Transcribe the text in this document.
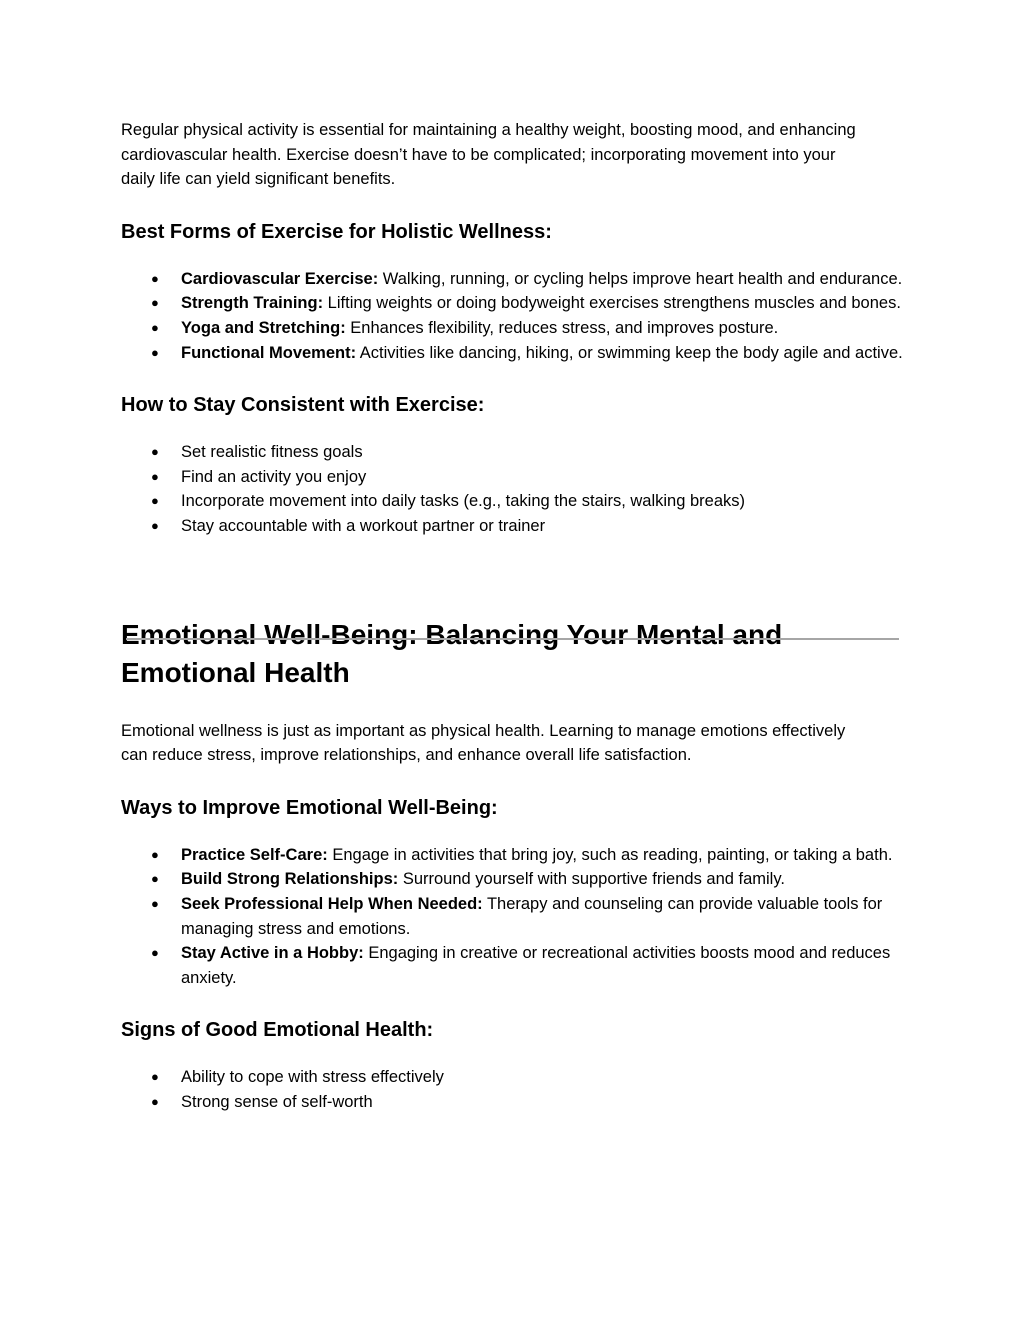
Regular physical activity is essential for maintaining a healthy weight, boosting mood, and enhancing cardiovascular health. Exercise doesn’t have to be complicated; incorporating movement into your daily life can yield significant benefits.

Best Forms of Exercise for Holistic Wellness:
● Cardiovascular Exercise: Walking, running, or cycling helps improve heart health and endurance.
● Strength Training: Lifting weights or doing bodyweight exercises strengthens muscles and bones.
● Yoga and Stretching: Enhances flexibility, reduces stress, and improves posture.
● Functional Movement: Activities like dancing, hiking, or swimming keep the body agile and active.
How to Stay Consistent with Exercise:
● Set realistic fitness goals
● Find an activity you enjoy
● Incorporate movement into daily tasks (e.g., taking the stairs, walking breaks)
● Stay accountable with a workout partner or trainer
Emotional Well-Being: Balancing Your Mental and Emotional Health

Emotional wellness is just as important as physical health. Learning to manage emotions effectively can reduce stress, improve relationships, and enhance overall life satisfaction.

Ways to Improve Emotional Well-Being:
● Practice Self-Care: Engage in activities that bring joy, such as reading, painting, or taking a bath.
● Build Strong Relationships: Surround yourself with supportive friends and family.
● Seek Professional Help When Needed: Therapy and counseling can provide valuable tools for managing stress and emotions.
● Stay Active in a Hobby: Engaging in creative or recreational activities boosts mood and reduces anxiety.
Signs of Good Emotional Health:
● Ability to cope with stress effectively
● Strong sense of self-worth
